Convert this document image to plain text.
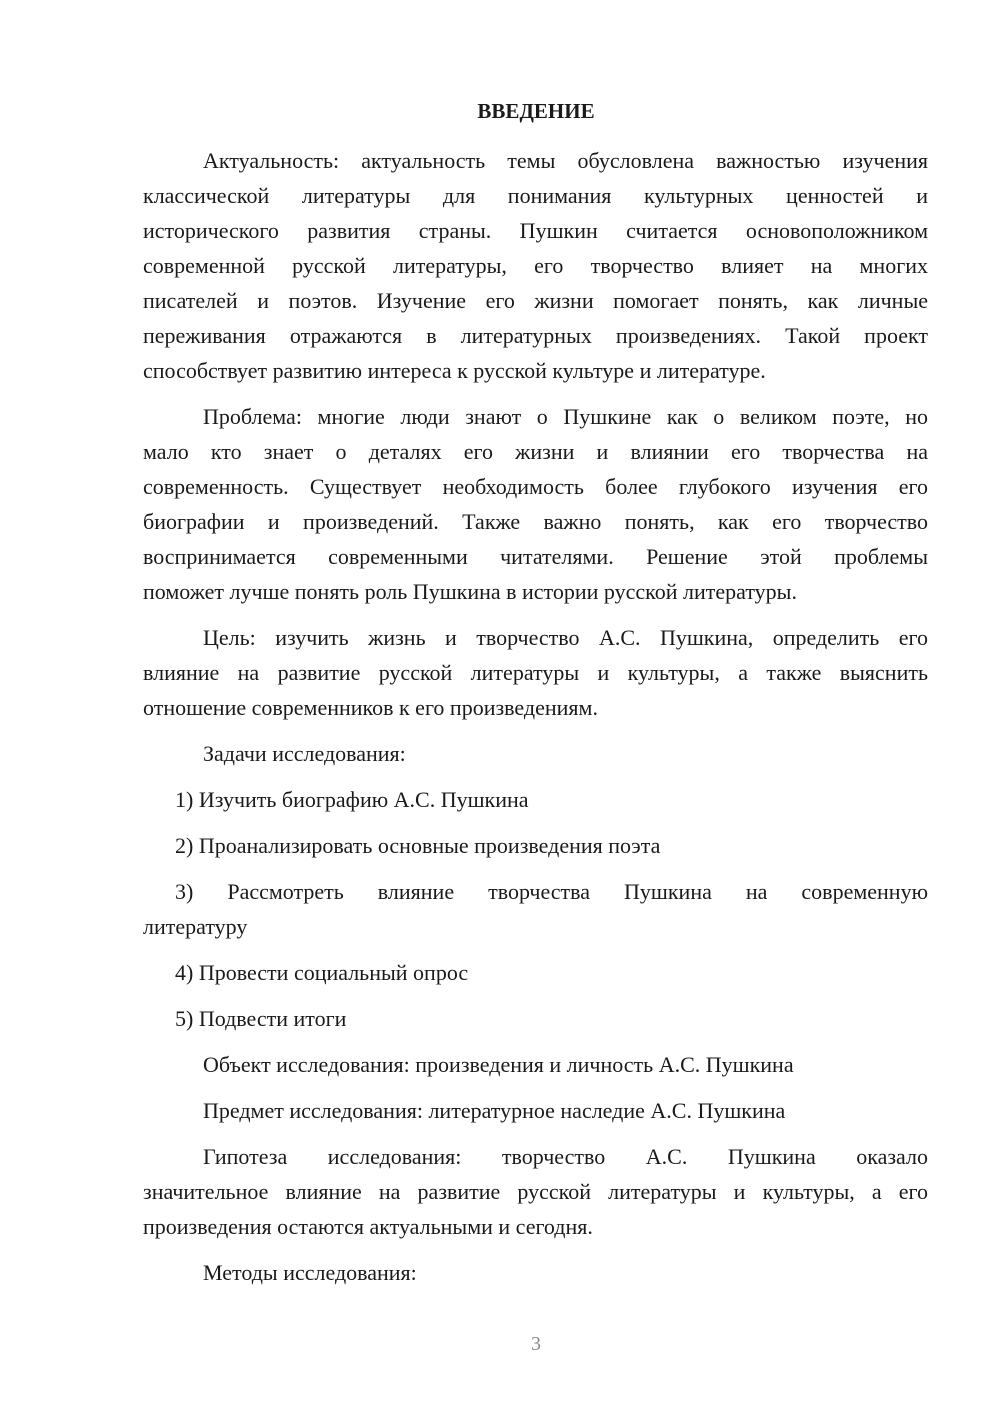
ВВЕДЕНИЕ
Актуальность: актуальность темы обусловлена важностью изучения
классической литературы для понимания культурных ценностей и
исторического развития страны. Пушкин считается основоположником
современной русской литературы, его творчество влияет на многих
писателей и поэтов. Изучение его жизни помогает понять, как личные
переживания отражаются в литературных произведениях. Такой проект
способствует развитию интереса к русской культуре и литературе.
Проблема: многие люди знают о Пушкине как о великом поэте, но
мало кто знает о деталях его жизни и влиянии его творчества на
современность. Существует необходимость более глубокого изучения его
биографии и произведений. Также важно понять, как его творчество
воспринимается современными читателями. Решение этой проблемы
поможет лучше понять роль Пушкина в истории русской литературы.
Цель: изучить жизнь и творчество А.С. Пушкина, определить его
влияние на развитие русской литературы и культуры, а также выяснить
отношение современников к его произведениям.
Задачи исследования:
1) Изучить биографию А.С. Пушкина
2) Проанализировать основные произведения поэта
3) Рассмотреть влияние творчества Пушкина на современную
литературу
4) Провести социальный опрос
5) Подвести итоги
Объект исследования: произведения и личность А.С. Пушкина
Предмет исследования: литературное наследие А.С. Пушкина
Гипотеза исследования: творчество А.С. Пушкина оказало
значительное влияние на развитие русской литературы и культуры, а его
произведения остаются актуальными и сегодня.
Методы исследования:
3
